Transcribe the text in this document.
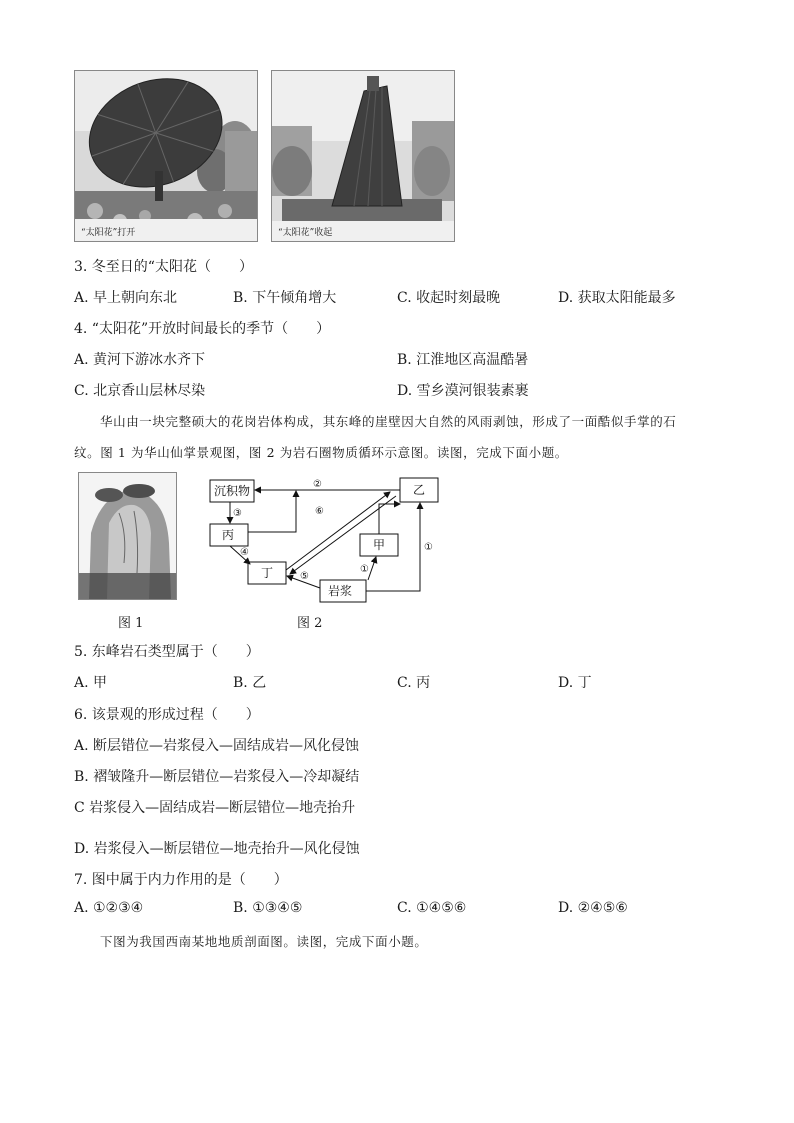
“太阳花”打开	“太阳花”收起
3. 冬至日的“太阳花（　　）
A. 早上朝向东北	B. 下午倾角增大	C. 收起时刻最晚	D. 获取太阳能最多
4. “太阳花”开放时间最长的季节（　　）
A. 黄河下游冰水齐下	B. 江淮地区高温酷暑
C. 北京香山层林尽染	D. 雪乡漠河银装素裹
华山由一块完整硕大的花岗岩体构成，其东峰的崖壁因大自然的风雨剥蚀，形成了一面酷似手掌的石
纹。图 1 为华山仙掌景观图，图 2 为岩石圈物质循环示意图。读图，完成下面小题。
图 1
沉积物	乙
丙
甲
丁
岩浆
②
③	⑥
④
⑤
①
①
图 2
5. 东峰岩石类型属于（　　）
A. 甲	B. 乙	C. 丙	D. 丁
6. 该景观的形成过程（　　）
A. 断层错位—岩浆侵入—固结成岩—风化侵蚀
B. 褶皱隆升—断层错位—岩浆侵入—冷却凝结
C 岩浆侵入—固结成岩—断层错位—地壳抬升
D. 岩浆侵入—断层错位—地壳抬升—风化侵蚀
7. 图中属于内力作用的是（　　）
A. ①②③④	B. ①③④⑤	C. ①④⑤⑥	D. ②④⑤⑥
下图为我国西南某地地质剖面图。读图，完成下面小题。
